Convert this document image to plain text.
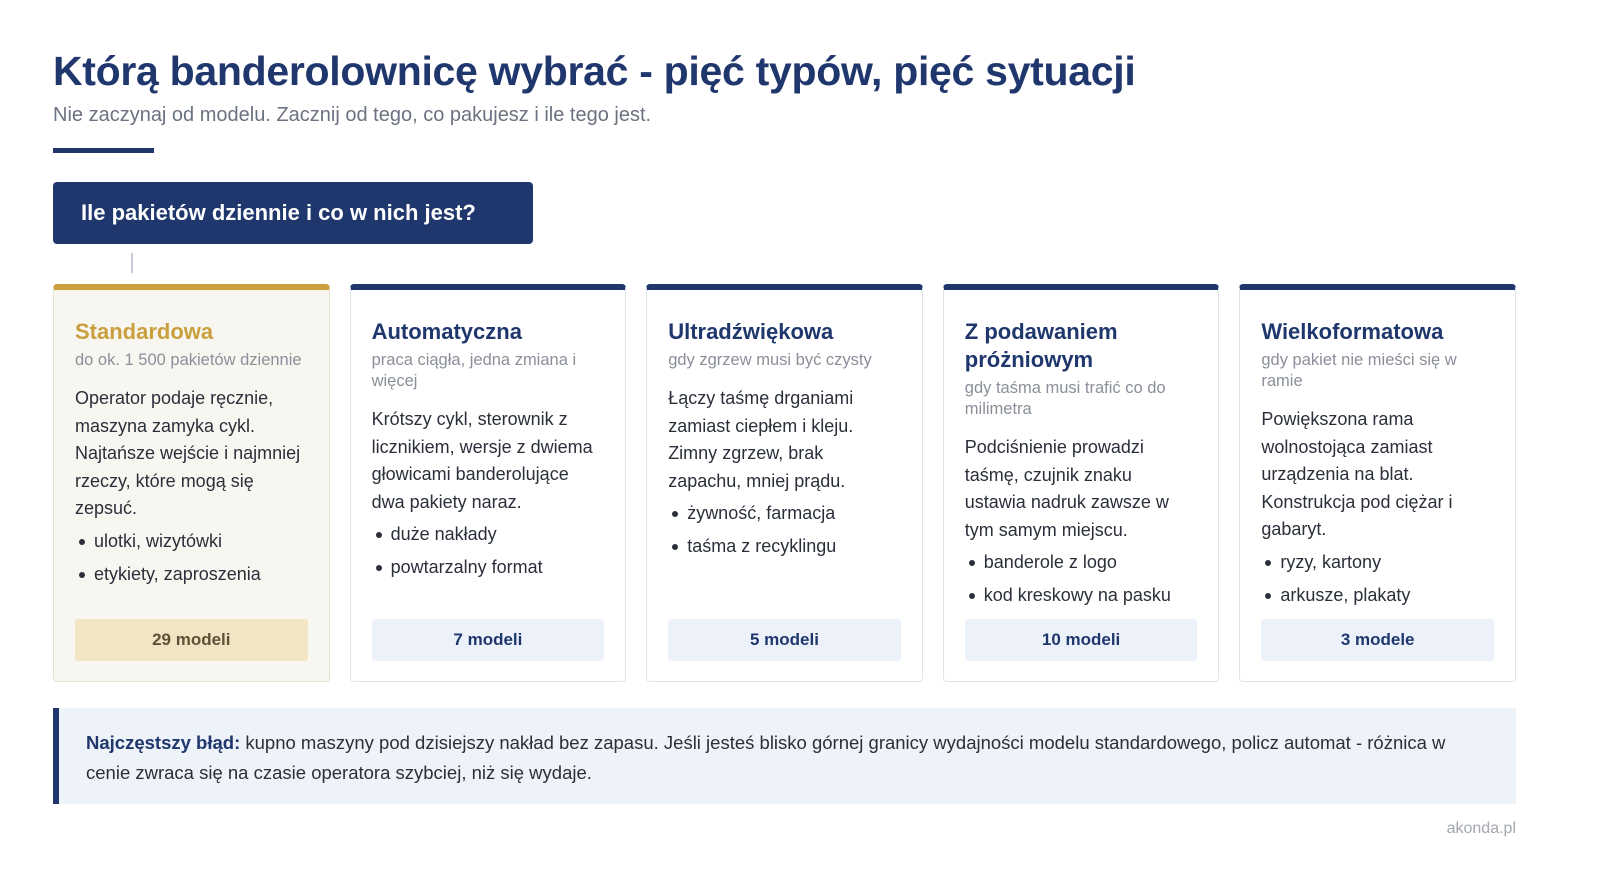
Którą banderolownicę wybrać - pięć typów, pięć sytuacji
Nie zaczynaj od modelu. Zacznij od tego, co pakujesz i ile tego jest.
Ile pakietów dziennie i co w nich jest?
Standardowa
do ok. 1 500 pakietów dziennie
Operator podaje ręcznie, maszyna zamyka cykl. Najtańsze wejście i najmniej rzeczy, które mogą się zepsuć.
ulotki, wizytówki
etykiety, zaproszenia
29 modeli
Automatyczna
praca ciągła, jedna zmiana i więcej
Krótszy cykl, sterownik z licznikiem, wersje z dwiema głowicami banderolujące dwa pakiety naraz.
duże nakłady
powtarzalny format
7 modeli
Ultradźwiękowa
gdy zgrzew musi być czysty
Łączy taśmę drganiami zamiast ciepłem i kleju. Zimny zgrzew, brak zapachu, mniej prądu.
żywność, farmacja
taśma z recyklingu
5 modeli
Z podawaniem próżniowym
gdy taśma musi trafić co do milimetra
Podciśnienie prowadzi taśmę, czujnik znaku ustawia nadruk zawsze w tym samym miejscu.
banderole z logo
kod kreskowy na pasku
10 modeli
Wielkoformatowa
gdy pakiet nie mieści się w ramie
Powiększona rama wolnostojąca zamiast urządzenia na blat. Konstrukcja pod ciężar i gabaryt.
ryzy, kartony
arkusze, plakaty
3 modele
Najczęstszy błąd: kupno maszyny pod dzisiejszy nakład bez zapasu. Jeśli jesteś blisko górnej granicy wydajności modelu standardowego, policz automat - różnica w cenie zwraca się na czasie operatora szybciej, niż się wydaje.
akonda.pl
